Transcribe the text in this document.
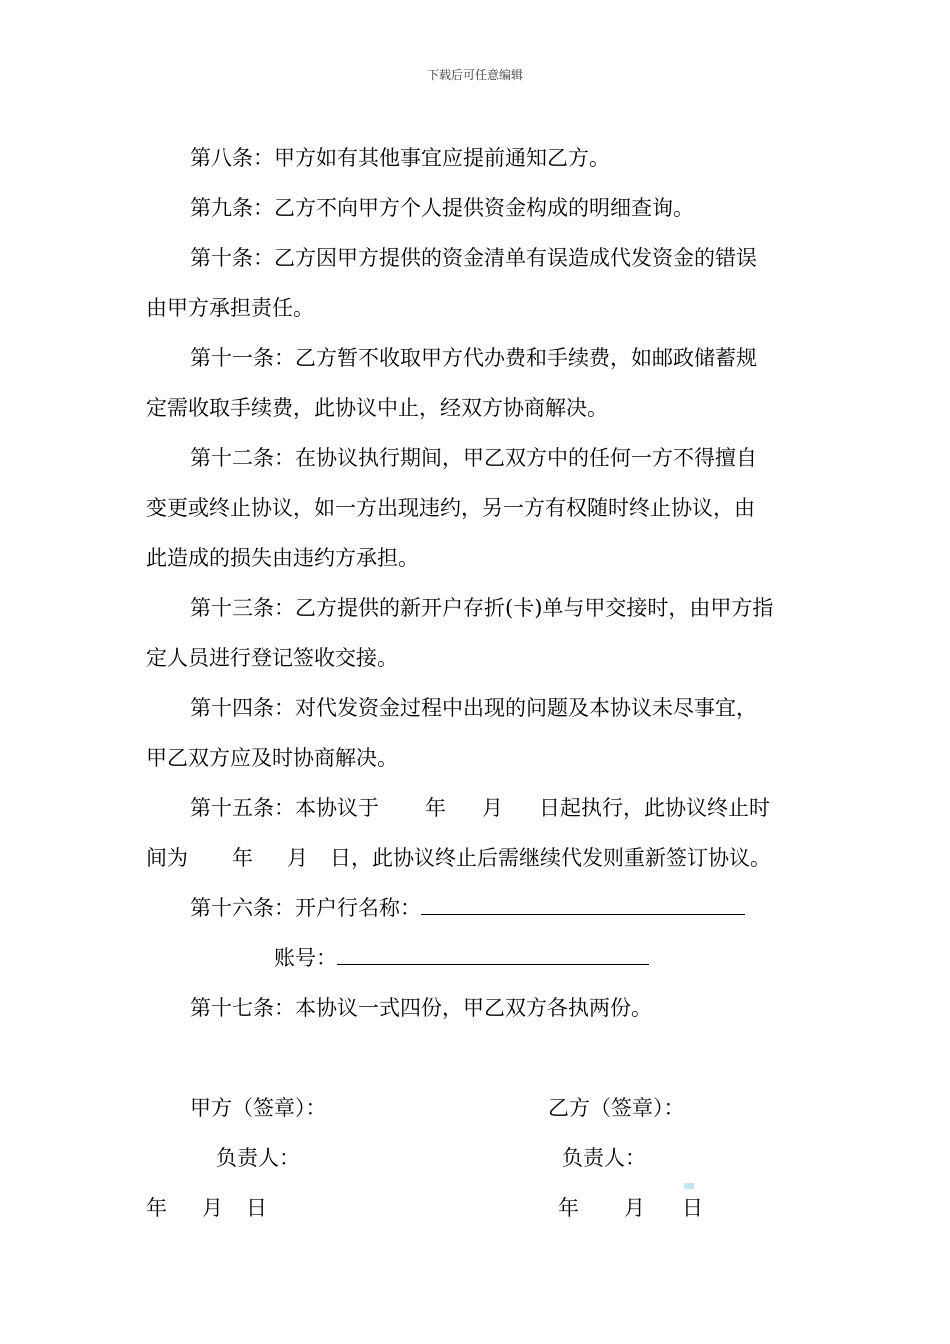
下载后可任意编辑

第八条：甲方如有其他事宜应提前通知乙方。

第九条：乙方不向甲方个人提供资金构成的明细查询。

第十条：乙方因甲方提供的资金清单有误造成代发资金的错误

由甲方承担责任。

第十一条：乙方暂不收取甲方代办费和手续费，如邮政储蓄规

定需收取手续费，此协议中止，经双方协商解决。

第十二条：在协议执行期间，甲乙双方中的任何一方不得擅自

变更或终止协议，如一方出现违约，另一方有权随时终止协议，由

此造成的损失由违约方承担。

第十三条：乙方提供的新开户存折(卡)单与甲交接时，由甲方指

定人员进行登记签收交接。

第十四条：对代发资金过程中出现的问题及本协议未尽事宜，

甲乙双方应及时协商解决。

第十五条：本协议于 年 月 日起执行，此协议终止时

间为 年 月 日，此协议终止后需继续代发则重新签订协议。

第十六条：开户行名称：

账号：

第十七条：本协议一式四份，甲乙双方各执两份。

甲方（签章）：	乙方（签章）：
负责人：	负责人：
年 月 日	年 月 日
